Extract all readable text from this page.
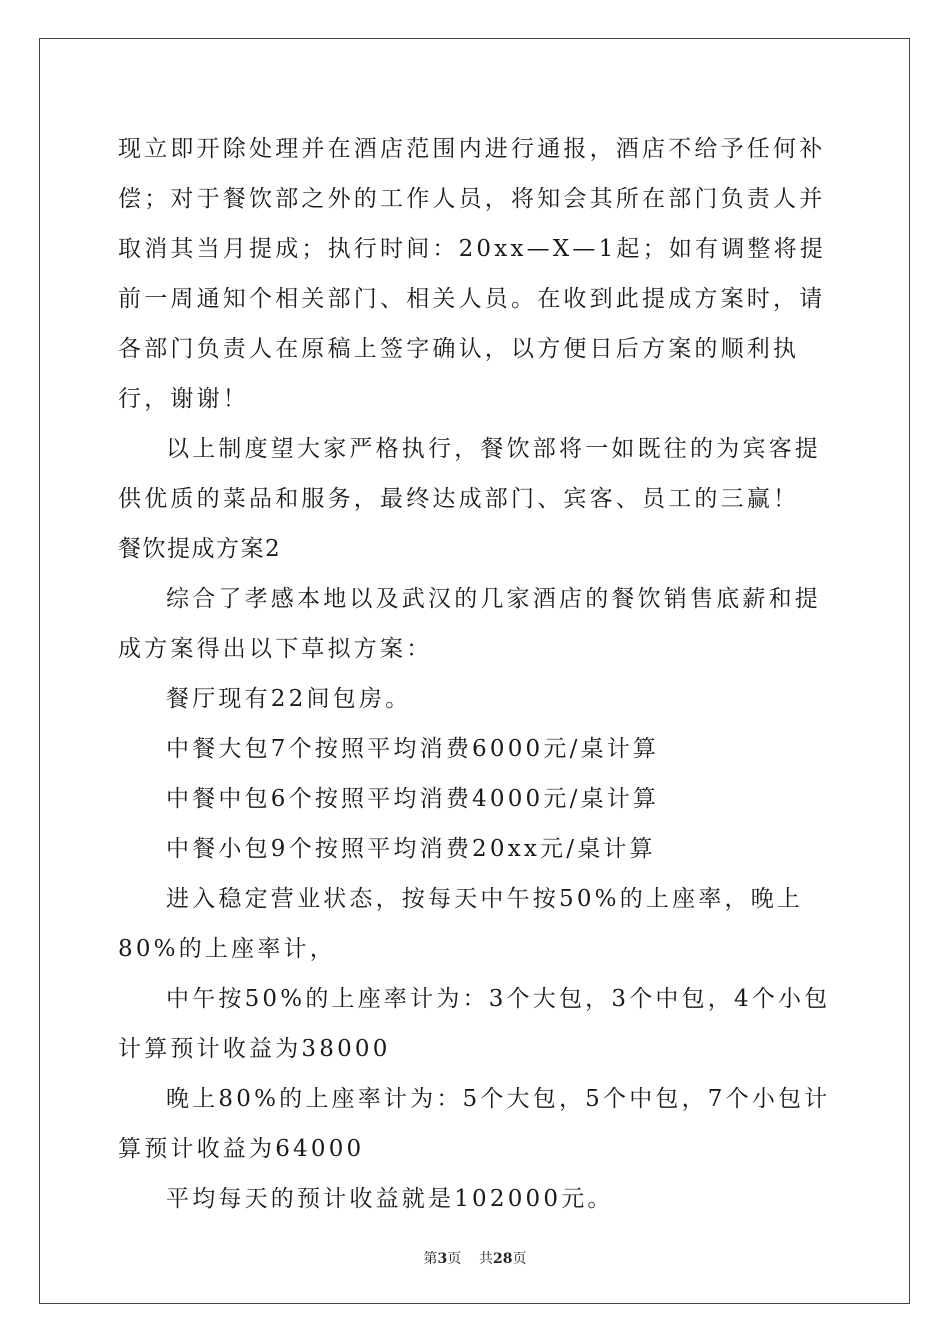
现立即开除处理并在酒店范围内进行通报，酒店不给予任何补偿；对于餐饮部之外的工作人员，将知会其所在部门负责人并取消其当月提成；执行时间：20xx—X—1起；如有调整将提前一周通知个相关部门、相关人员。在收到此提成方案时，请各部门负责人在原稿上签字确认，以方便日后方案的顺利执行，谢谢！

以上制度望大家严格执行，餐饮部将一如既往的为宾客提供优质的菜品和服务，最终达成部门、宾客、员工的三赢！

餐饮提成方案2

综合了孝感本地以及武汉的几家酒店的餐饮销售底薪和提成方案得出以下草拟方案：

餐厅现有22间包房。

中餐大包7个按照平均消费6000元/桌计算

中餐中包6个按照平均消费4000元/桌计算

中餐小包9个按照平均消费20xx元/桌计算

进入稳定营业状态，按每天中午按50%的上座率，晚上80%的上座率计，

中午按50%的上座率计为：3个大包，3个中包，4个小包计算预计收益为38000

晚上80%的上座率计为：5个大包，5个中包，7个小包计算预计收益为64000

平均每天的预计收益就是102000元。

第3页 共28页
